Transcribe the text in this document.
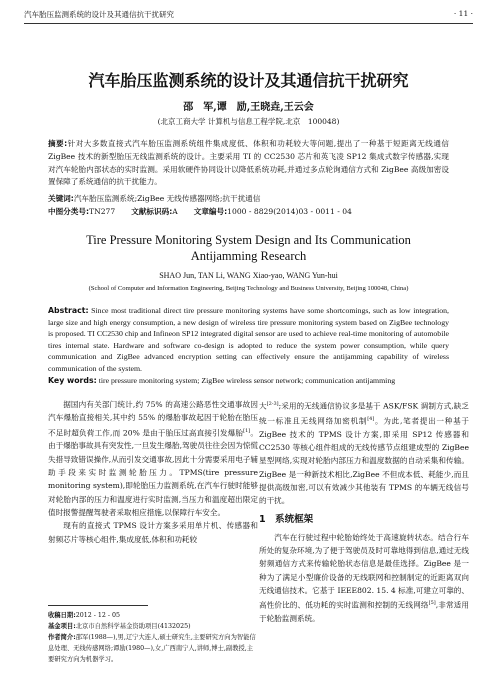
汽车胎压监测系统的设计及其通信抗干扰研究	· 11 ·
汽车胎压监测系统的设计及其通信抗干扰研究
邵　军,谭　励,王晓垚,王云会
(北京工商大学 计算机与信息工程学院,北京　100048)
摘要:针对大多数直接式汽车胎压监测系统组件集成度低、体积和功耗较大等问题,提出了一种基于短距离无线通信 ZigBee 技术的新型胎压无线监测系统的设计。主要采用 TI 的 CC2530 芯片和英飞凌 SP12 集成式数字传感器,实现对汽车轮胎内部状态的实时监测。采用软硬件协同设计以降低系统功耗,并通过多点轮询通信方式和 ZigBee 高级加密设置保障了系统通信的抗干扰能力。
关键词:汽车胎压监测系统;ZigBee 无线传感器网络;抗干扰通信
中图分类号:TN277 文献标识码:A 文章编号:1000 - 8829(2014)03 - 0011 - 04
Tire Pressure Monitoring System Design and Its Communication
Antijamming Research
SHAO Jun, TAN Li, WANG Xiao-yao, WANG Yun-hui
(School of Computer and Information Engineering, Beijing Technology and Business University, Beijing 100048, China)
Abstract: Since most traditional direct tire pressure monitoring systems have some shortcomings, such as low integration, large size and high energy consumption, a new design of wireless tire pressure monitoring system based on ZigBee technology is proposed. TI CC2530 chip and Infineon SP12 integrated digital sensor are used to achieve real-time monitoring of automobile tires internal state. Hardware and software co-design is adopted to reduce the system power consumption, while query communication and ZigBee advanced encryption setting can effectively ensure the antijamming capability of wireless communication of the system.
Key words: tire pressure monitoring system; ZigBee wireless sensor network; communication antijamming

据国内有关部门统计,约 75% 的高速公路恶性交通事故因汽车爆胎直接相关,其中约 55% 的爆胎事故起因于轮胎在胎压不足时超负荷工作,而 20% 是由于胎压过高直接引发爆胎[1]。由于爆胎事故具有突发性,一旦发生爆胎,驾驶员往往会因为惊慌失措导致错误操作,从而引发交通事故,因此十分需要采用电子辅助手段来实时监测轮胎压力。TPMS(tire pressure monitoring system),即轮胎压力监测系统,在汽车行驶时能够对轮胎内部的压力和温度进行实时监测,当压力和温度超出限定值时报警提醒驾驶者采取相应措施,以保障行车安全。

现有的直接式 TPMS 设计方案多采用单片机、传感器和射频芯片等核心组件,集成度低,体积和功耗较

大[2-3];采用的无线通信协议多是基于 ASK/FSK 调制方式,缺乏统一标准且无线网络加密机制[4]。为此,笔者提出一种基于 ZigBee 技术的 TPMS 设计方案,即采用 SP12 传感器和 CC2530 等核心组件组成的无线传感节点组建成型的 ZigBee 星型网络,实现对轮胎内部压力和温度数据的自动采集和传输。ZigBee 是一种新技术相比,ZigBee 不但成本低、耗能少,而且提供高级加密,可以有效减少其他装有 TPMS 的车辆无线信号的干扰。

1　系统框架

汽车在行驶过程中轮胎始终处于高速旋转状态。结合行车所处的复杂环境,为了便于驾驶员及时可靠地得到信息,通过无线射频通信方式来传输轮胎状态信息是最佳选择。ZigBee 是一种为了满足小型廉价设备的无线联网和控制制定的近距离双向无线通信技术。它基于 IEEE802. 15. 4 标准,可建立可靠的、高性价比的、低功耗的实时监测和控制的无线网络[5],非常适用于轮胎监测系统。

收稿日期:2012 - 12 - 05
基金项目:北京市自然科学基金资助项目(4132025)
作者简介:邵军(1988—),男,辽宁大连人,硕士研究生,主要研究方向为智能信息处理、无线传感网络;谭励(1980—),女,广西南宁人,讲师,博士,副教授,主要研究方向为机器学习。
